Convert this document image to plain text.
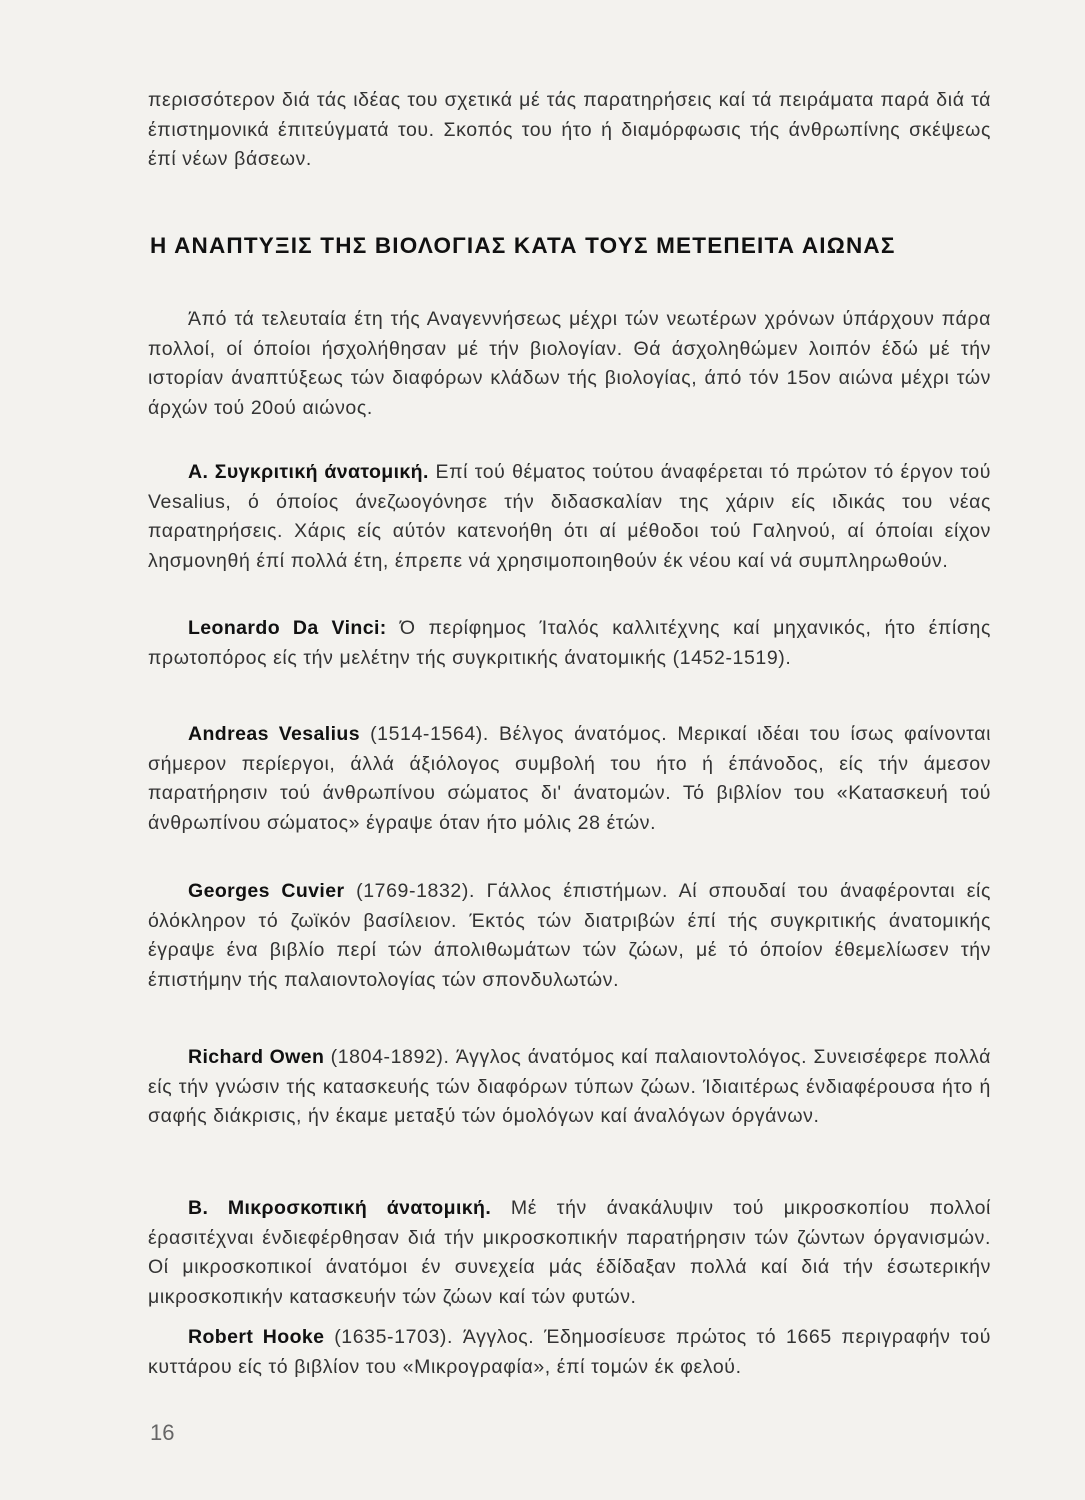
περισσότερον διά τάς ιδέας του σχετικά μέ τάς παρατηρήσεις καί τά πειράματα παρά διά τά έπιστημονικά έπιτεύγματά του. Σκοπός του ήτο ή διαμόρφωσις τής άνθρωπίνης σκέψεως έπί νέων βάσεων.

Η ΑΝΑΠΤΥΞΙΣ ΤΗΣ ΒΙΟΛΟΓΙΑΣ ΚΑΤΑ ΤΟΥΣ ΜΕΤΕΠΕΙΤΑ ΑΙΩΝΑΣ

Άπό τά τελευταία έτη τής Αναγεννήσεως μέχρι τών νεωτέρων χρόνων ύπάρχουν πάρα πολλοί, οί όποίοι ήσχολήθησαν μέ τήν βιολογίαν. Θά άσχοληθώμεν λοιπόν έδώ μέ τήν ιστορίαν άναπτύξεως τών διαφόρων κλάδων τής βιολογίας, άπό τόν 15ον αιώνα μέχρι τών άρχών τού 20ού αιώνος.

Α. Συγκριτική άνατομική. Επί τού θέματος τούτου άναφέρεται τό πρώτον τό έργον τού Vesalius, ό όποίος άνεζωογόνησε τήν διδασκαλίαν της χάριν είς ιδικάς του νέας παρατηρήσεις. Χάρις είς αύτόν κατενοήθη ότι αί μέθοδοι τού Γαληνού, αί όποίαι είχον λησμονηθή έπί πολλά έτη, έπρεπε νά χρησιμοποιηθούν έκ νέου καί νά συμπληρωθούν.

Leonardo Da Vinci: Ό περίφημος Ίταλός καλλιτέχνης καί μηχανικός, ήτο έπίσης πρωτοπόρος είς τήν μελέτην τής συγκριτικής άνατομικής (1452-1519).

Andreas Vesalius (1514-1564). Βέλγος άνατόμος. Μερικαί ιδέαι του ίσως φαίνονται σήμερον περίεργοι, άλλά άξιόλογος συμβολή του ήτο ή έπάνοδος, είς τήν άμεσον παρατήρησιν τού άνθρωπίνου σώματος δι' άνατομών. Τό βιβλίον του «Κατασκευή τού άνθρωπίνου σώματος» έγραψε όταν ήτο μόλις 28 έτών.

Georges Cuvier (1769-1832). Γάλλος έπιστήμων. Αί σπουδαί του άναφέρονται είς όλόκληρον τό ζωϊκόν βασίλειον. Έκτός τών διατριβών έπί τής συγκριτικής άνατομικής έγραψε ένα βιβλίο περί τών άπολιθωμάτων τών ζώων, μέ τό όποίον έθεμελίωσεν τήν έπιστήμην τής παλαιοντολογίας τών σπονδυλωτών.

Richard Owen (1804-1892). Άγγλος άνατόμος καί παλαιοντολόγος. Συνεισέφερε πολλά είς τήν γνώσιν τής κατασκευής τών διαφόρων τύπων ζώων. Ίδιαιτέρως ένδιαφέρουσα ήτο ή σαφής διάκρισις, ήν έκαμε μεταξύ τών όμολόγων καί άναλόγων όργάνων.

Β. Μικροσκοπική άνατομική. Μέ τήν άνακάλυψιν τού μικροσκοπίου πολλοί έρασιτέχναι ένδιεφέρθησαν διά τήν μικροσκοπικήν παρατήρησιν τών ζώντων όργανισμών. Οί μικροσκοπικοί άνατόμοι έν συνεχεία μάς έδίδαξαν πολλά καί διά τήν έσωτερικήν μικροσκοπικήν κατασκευήν τών ζώων καί τών φυτών.

Robert Hooke (1635-1703). Άγγλος. Έδημοσίευσε πρώτος τό 1665 περιγραφήν τού κυττάρου είς τό βιβλίον του «Μικρογραφία», έπί τομών έκ φελού.

16
